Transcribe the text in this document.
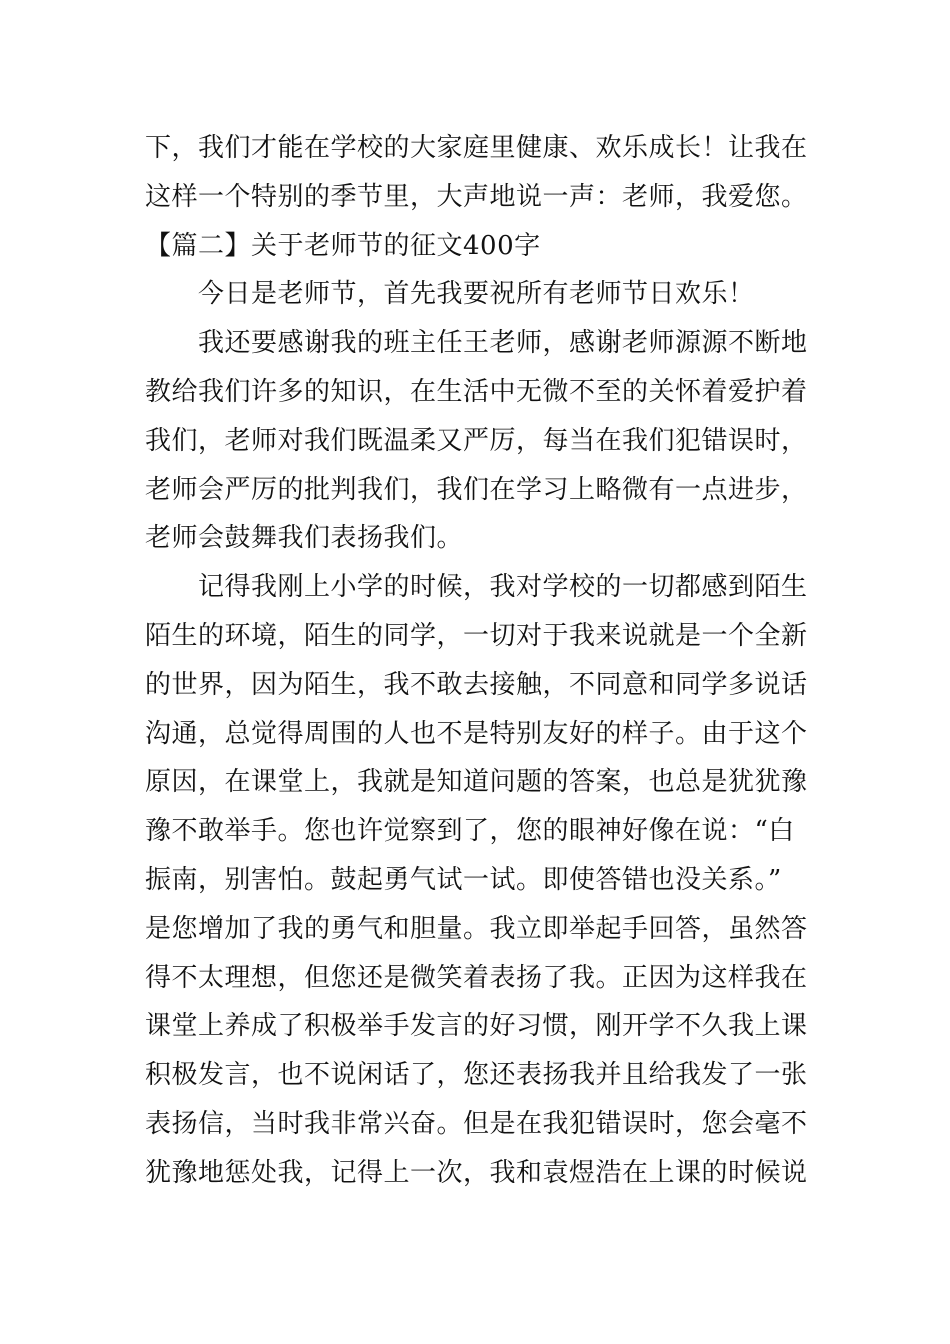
下，我们才能在学校的大家庭里健康、欢乐成长！让我在
这样一个特别的季节里，大声地说一声：老师，我爱您。
【篇二】关于老师节的征文400字
　　今日是老师节，首先我要祝所有老师节日欢乐！
　　我还要感谢我的班主任王老师，感谢老师源源不断地
教给我们许多的知识，在生活中无微不至的关怀着爱护着
我们，老师对我们既温柔又严厉，每当在我们犯错误时，
老师会严厉的批判我们，我们在学习上略微有一点进步，
老师会鼓舞我们表扬我们。
　　记得我刚上小学的时候，我对学校的一切都感到陌生
陌生的环境，陌生的同学，一切对于我来说就是一个全新
的世界，因为陌生，我不敢去接触，不同意和同学多说话
沟通，总觉得周围的人也不是特别友好的样子。由于这个
原因，在课堂上，我就是知道问题的答案，也总是犹犹豫
豫不敢举手。您也许觉察到了，您的眼神好像在说：“白
振南，别害怕。鼓起勇气试一试。即使答错也没关系。”
是您增加了我的勇气和胆量。我立即举起手回答，虽然答
得不太理想，但您还是微笑着表扬了我。正因为这样我在
课堂上养成了积极举手发言的好习惯，刚开学不久我上课
积极发言，也不说闲话了，您还表扬我并且给我发了一张
表扬信，当时我非常兴奋。但是在我犯错误时，您会毫不
犹豫地惩处我，记得上一次，我和袁煜浩在上课的时候说
